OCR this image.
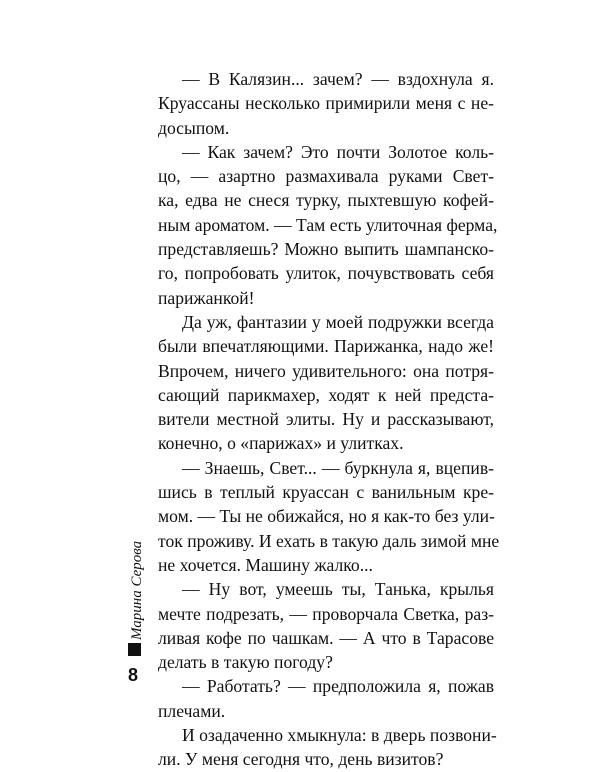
— В Калязин... зачем? — вздохнула я.
Круассаны несколько примирили меня с не-
досыпом.
— Как зачем? Это почти Золотое коль-
цо, — азартно размахивала руками Свет-
ка, едва не снеся турку, пыхтевшую кофей-
ным ароматом. — Там есть улиточная ферма,
представляешь? Можно выпить шампанско-
го, попробовать улиток, почувствовать себя
парижанкой!
Да уж, фантазии у моей подружки всегда
были впечатляющими. Парижанка, надо же!
Впрочем, ничего удивительного: она потря-
сающий парикмахер, ходят к ней предста-
вители местной элиты. Ну и рассказывают,
конечно, о «парижах» и улитках.
— Знаешь, Свет... — буркнула я, вцепив-
шись в теплый круассан с ванильным кре-
мом. — Ты не обижайся, но я как-то без ули-
ток проживу. И ехать в такую даль зимой мне
не хочется. Машину жалко...
— Ну вот, умеешь ты, Танька, крылья
мечте подрезать, — проворчала Светка, раз-
ливая кофе по чашкам. — А что в Тарасове
делать в такую погоду?
— Работать? — предположила я, пожав
плечами.
И озадаченно хмыкнула: в дверь позвони-
ли. У меня сегодня что, день визитов?
Марина Серова
8
